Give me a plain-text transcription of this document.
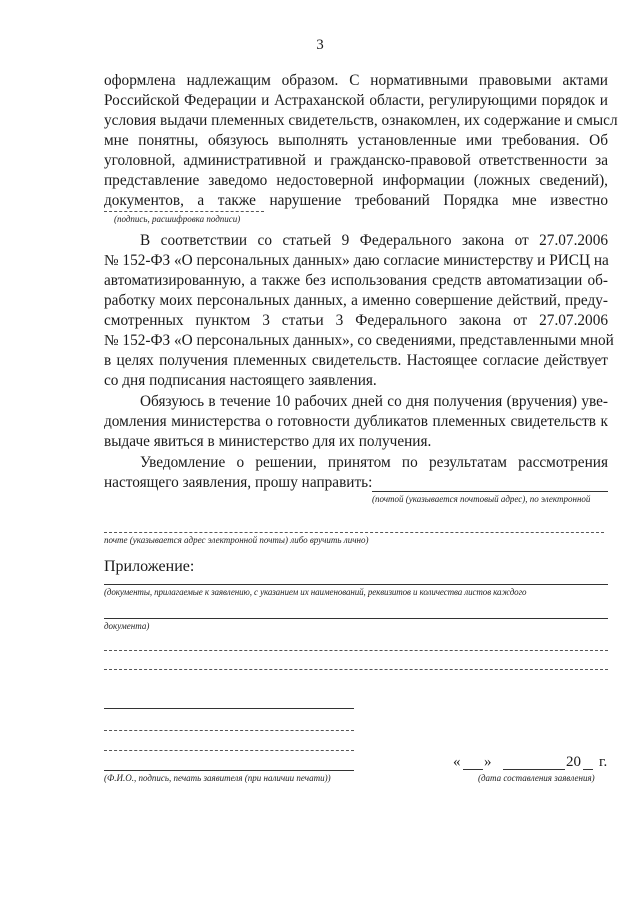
3
оформлена надлежащим образом. С нормативными правовыми актами
Российской Федерации и Астраханской области, регулирующими порядок и
условия выдачи племенных свидетельств, ознакомлен, их содержание и смысл
мне понятны, обязуюсь выполнять установленные ими требования. Об
уголовной, административной и гражданско-правовой ответственности за
представление заведомо недостоверной информации (ложных сведений),
документов, а также нарушение требований Порядка мне известно
(подпись, расшифровка подписи)
В соответствии со статьей 9 Федерального закона от 27.07.2006
№ 152-ФЗ «О персональных данных» даю согласие министерству и РИСЦ на
автоматизированную, а также без использования средств автоматизации об-
работку моих персональных данных, а именно совершение действий, преду-
смотренных пунктом 3 статьи 3 Федерального закона от 27.07.2006
№ 152-ФЗ «О персональных данных», со сведениями, представленными мной
в целях получения племенных свидетельств. Настоящее согласие действует
со дня подписания настоящего заявления.
Обязуюсь в течение 10 рабочих дней со дня получения (вручения) уве-
домления министерства о готовности дубликатов племенных свидетельств к
выдаче явиться в министерство для их получения.
Уведомление о решении, принятом по результатам рассмотрения
настоящего заявления, прошу направить:
(почтой (указывается почтовый адрес), по электронной
почте (указывается адрес электронной почты) либо вручить лично)
Приложение:
(документы, прилагаемые к заявлению, с указанием их наименований, реквизитов и количества листов каждого
документа)
(Ф.И.О., подпись, печать заявителя (при наличии печати))
« »	20 г.
(дата составления заявления)
